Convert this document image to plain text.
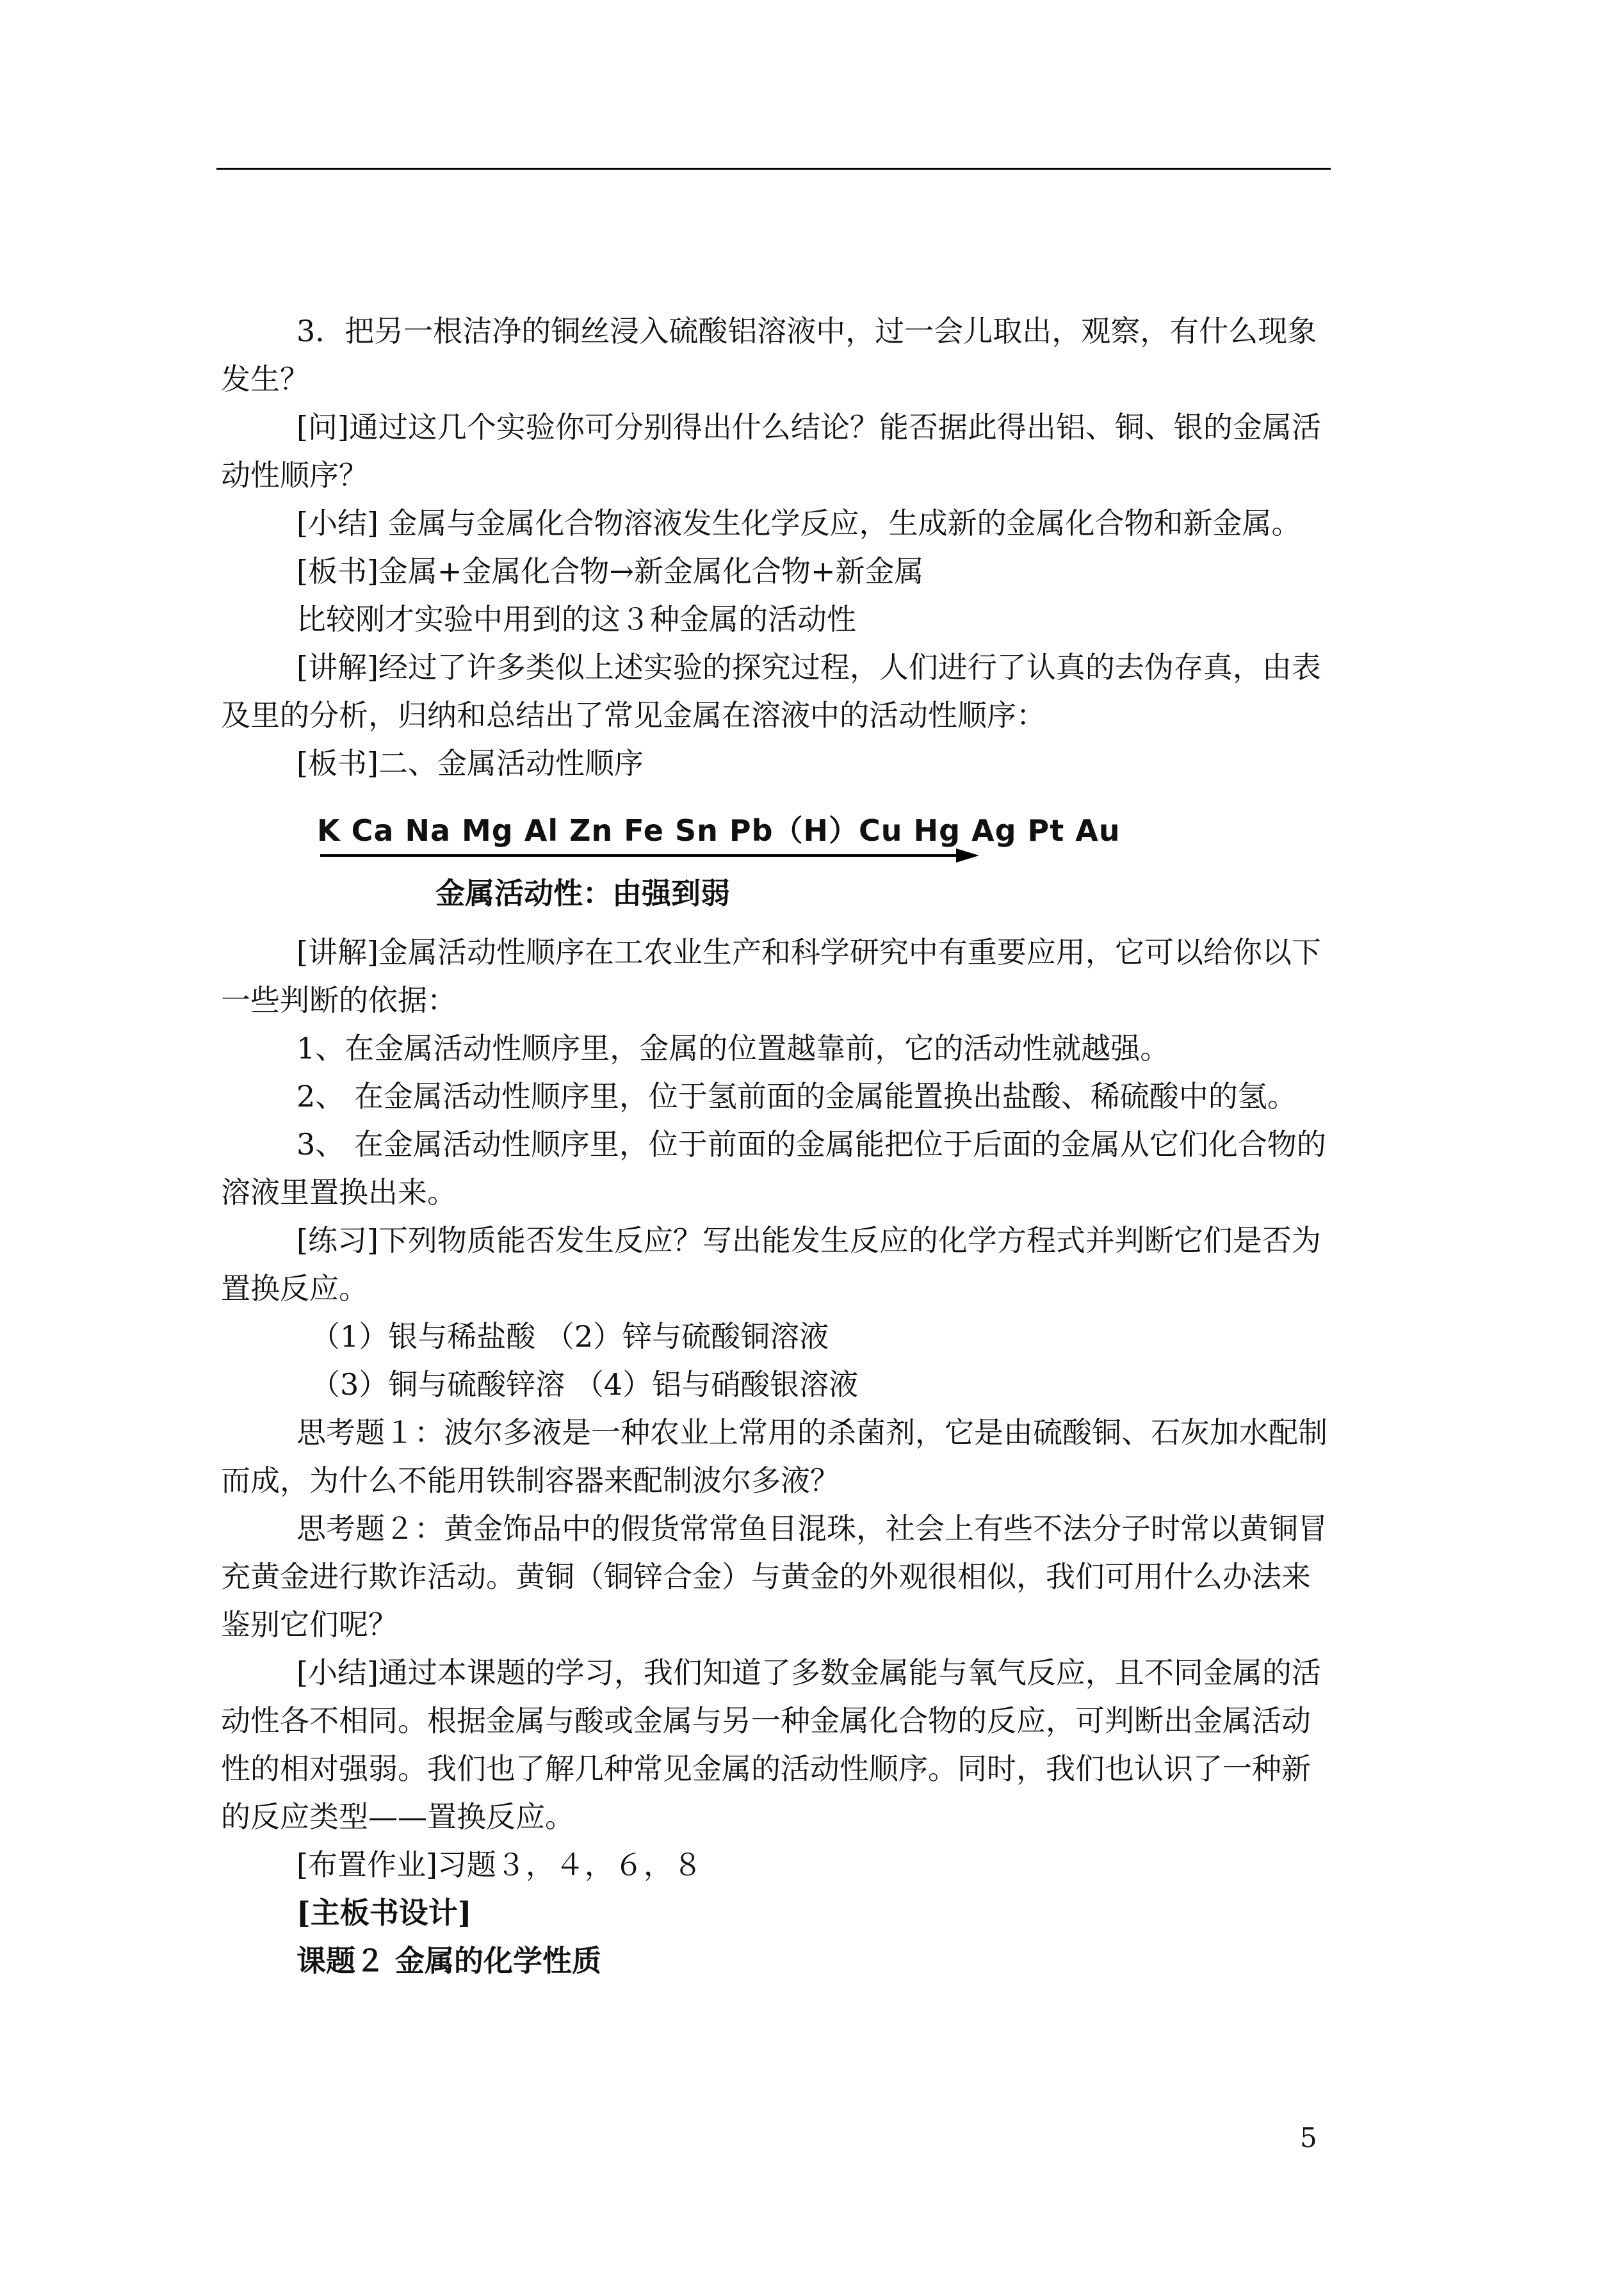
3．把另一根洁净的铜丝浸入硫酸铝溶液中，过一会儿取出，观察，有什么现象发生？

[问]通过这几个实验你可分别得出什么结论？能否据此得出铝、铜、银的金属活动性顺序？

[小结] 金属与金属化合物溶液发生化学反应，生成新的金属化合物和新金属。

[板书]金属+金属化合物→新金属化合物+新金属

比较刚才实验中用到的这３种金属的活动性

[讲解]经过了许多类似上述实验的探究过程，人们进行了认真的去伪存真，由表及里的分析，归纳和总结出了常见金属在溶液中的活动性顺序：

[板书]二、金属活动性顺序

K Ca Na Mg Al Zn Fe Sn Pb（H）Cu Hg Ag Pt Au
金属活动性：由强到弱

[讲解]金属活动性顺序在工农业生产和科学研究中有重要应用，它可以给你以下一些判断的依据：

1、在金属活动性顺序里，金属的位置越靠前，它的活动性就越强。

2、 在金属活动性顺序里，位于氢前面的金属能置换出盐酸、稀硫酸中的氢。

3、 在金属活动性顺序里，位于前面的金属能把位于后面的金属从它们化合物的溶液里置换出来。

[练习]下列物质能否发生反应？写出能发生反应的化学方程式并判断它们是否为置换反应。

（1）银与稀盐酸 （2）锌与硫酸铜溶液

（3）铜与硫酸锌溶 （4）铝与硝酸银溶液

思考题１：波尔多液是一种农业上常用的杀菌剂，它是由硫酸铜、石灰加水配制而成，为什么不能用铁制容器来配制波尔多液？

思考题２：黄金饰品中的假货常常鱼目混珠，社会上有些不法分子时常以黄铜冒充黄金进行欺诈活动。黄铜（铜锌合金）与黄金的外观很相似，我们可用什么办法来鉴别它们呢？

[小结]通过本课题的学习，我们知道了多数金属能与氧气反应，且不同金属的活动性各不相同。根据金属与酸或金属与另一种金属化合物的反应，可判断出金属活动性的相对强弱。我们也了解几种常见金属的活动性顺序。同时，我们也认识了一种新的反应类型——置换反应。

[布置作业]习题３，４，６，８

[主板书设计]

课题２ 金属的化学性质

5
